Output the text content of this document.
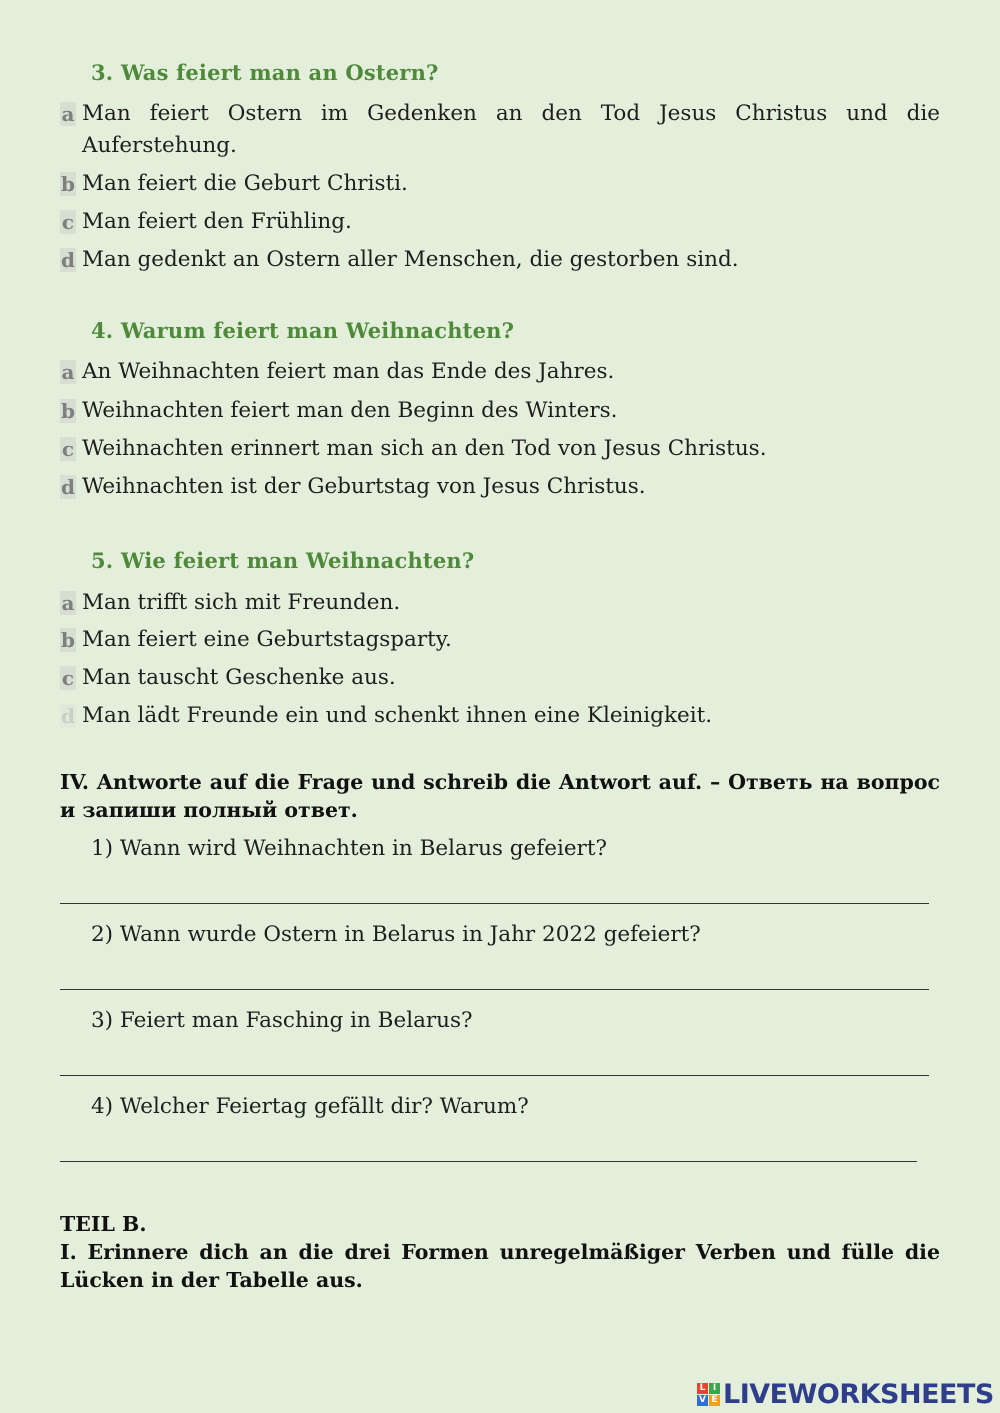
3. Was feiert man an Ostern?
a Man feiert Ostern im Gedenken an den Tod Jesus Christus und die Auferstehung.
b Man feiert die Geburt Christi.
c Man feiert den Frühling.
d Man gedenkt an Ostern aller Menschen, die gestorben sind.
4. Warum feiert man Weihnachten?
a An Weihnachten feiert man das Ende des Jahres.
b Weihnachten feiert man den Beginn des Winters.
c Weihnachten erinnert man sich an den Tod von Jesus Christus.
d Weihnachten ist der Geburtstag von Jesus Christus.
5. Wie feiert man Weihnachten?
a Man trifft sich mit Freunden.
b Man feiert eine Geburtstagsparty.
c Man tauscht Geschenke aus.
d Man lädt Freunde ein und schenkt ihnen eine Kleinigkeit.
IV. Antworte auf die Frage und schreib die Antwort auf. – Ответь на вопрос и запиши полный ответ.
1) Wann wird Weihnachten in Belarus gefeiert?
2) Wann wurde Ostern in Belarus in Jahr 2022 gefeiert?
3) Feiert man Fasching in Belarus?
4) Welcher Feiertag gefällt dir? Warum?
TEIL B.
I. Erinnere dich an die drei Formen unregelmäßiger Verben und fülle die Lücken in der Tabelle aus.
L I
V E LIVEWORKSHEETS
